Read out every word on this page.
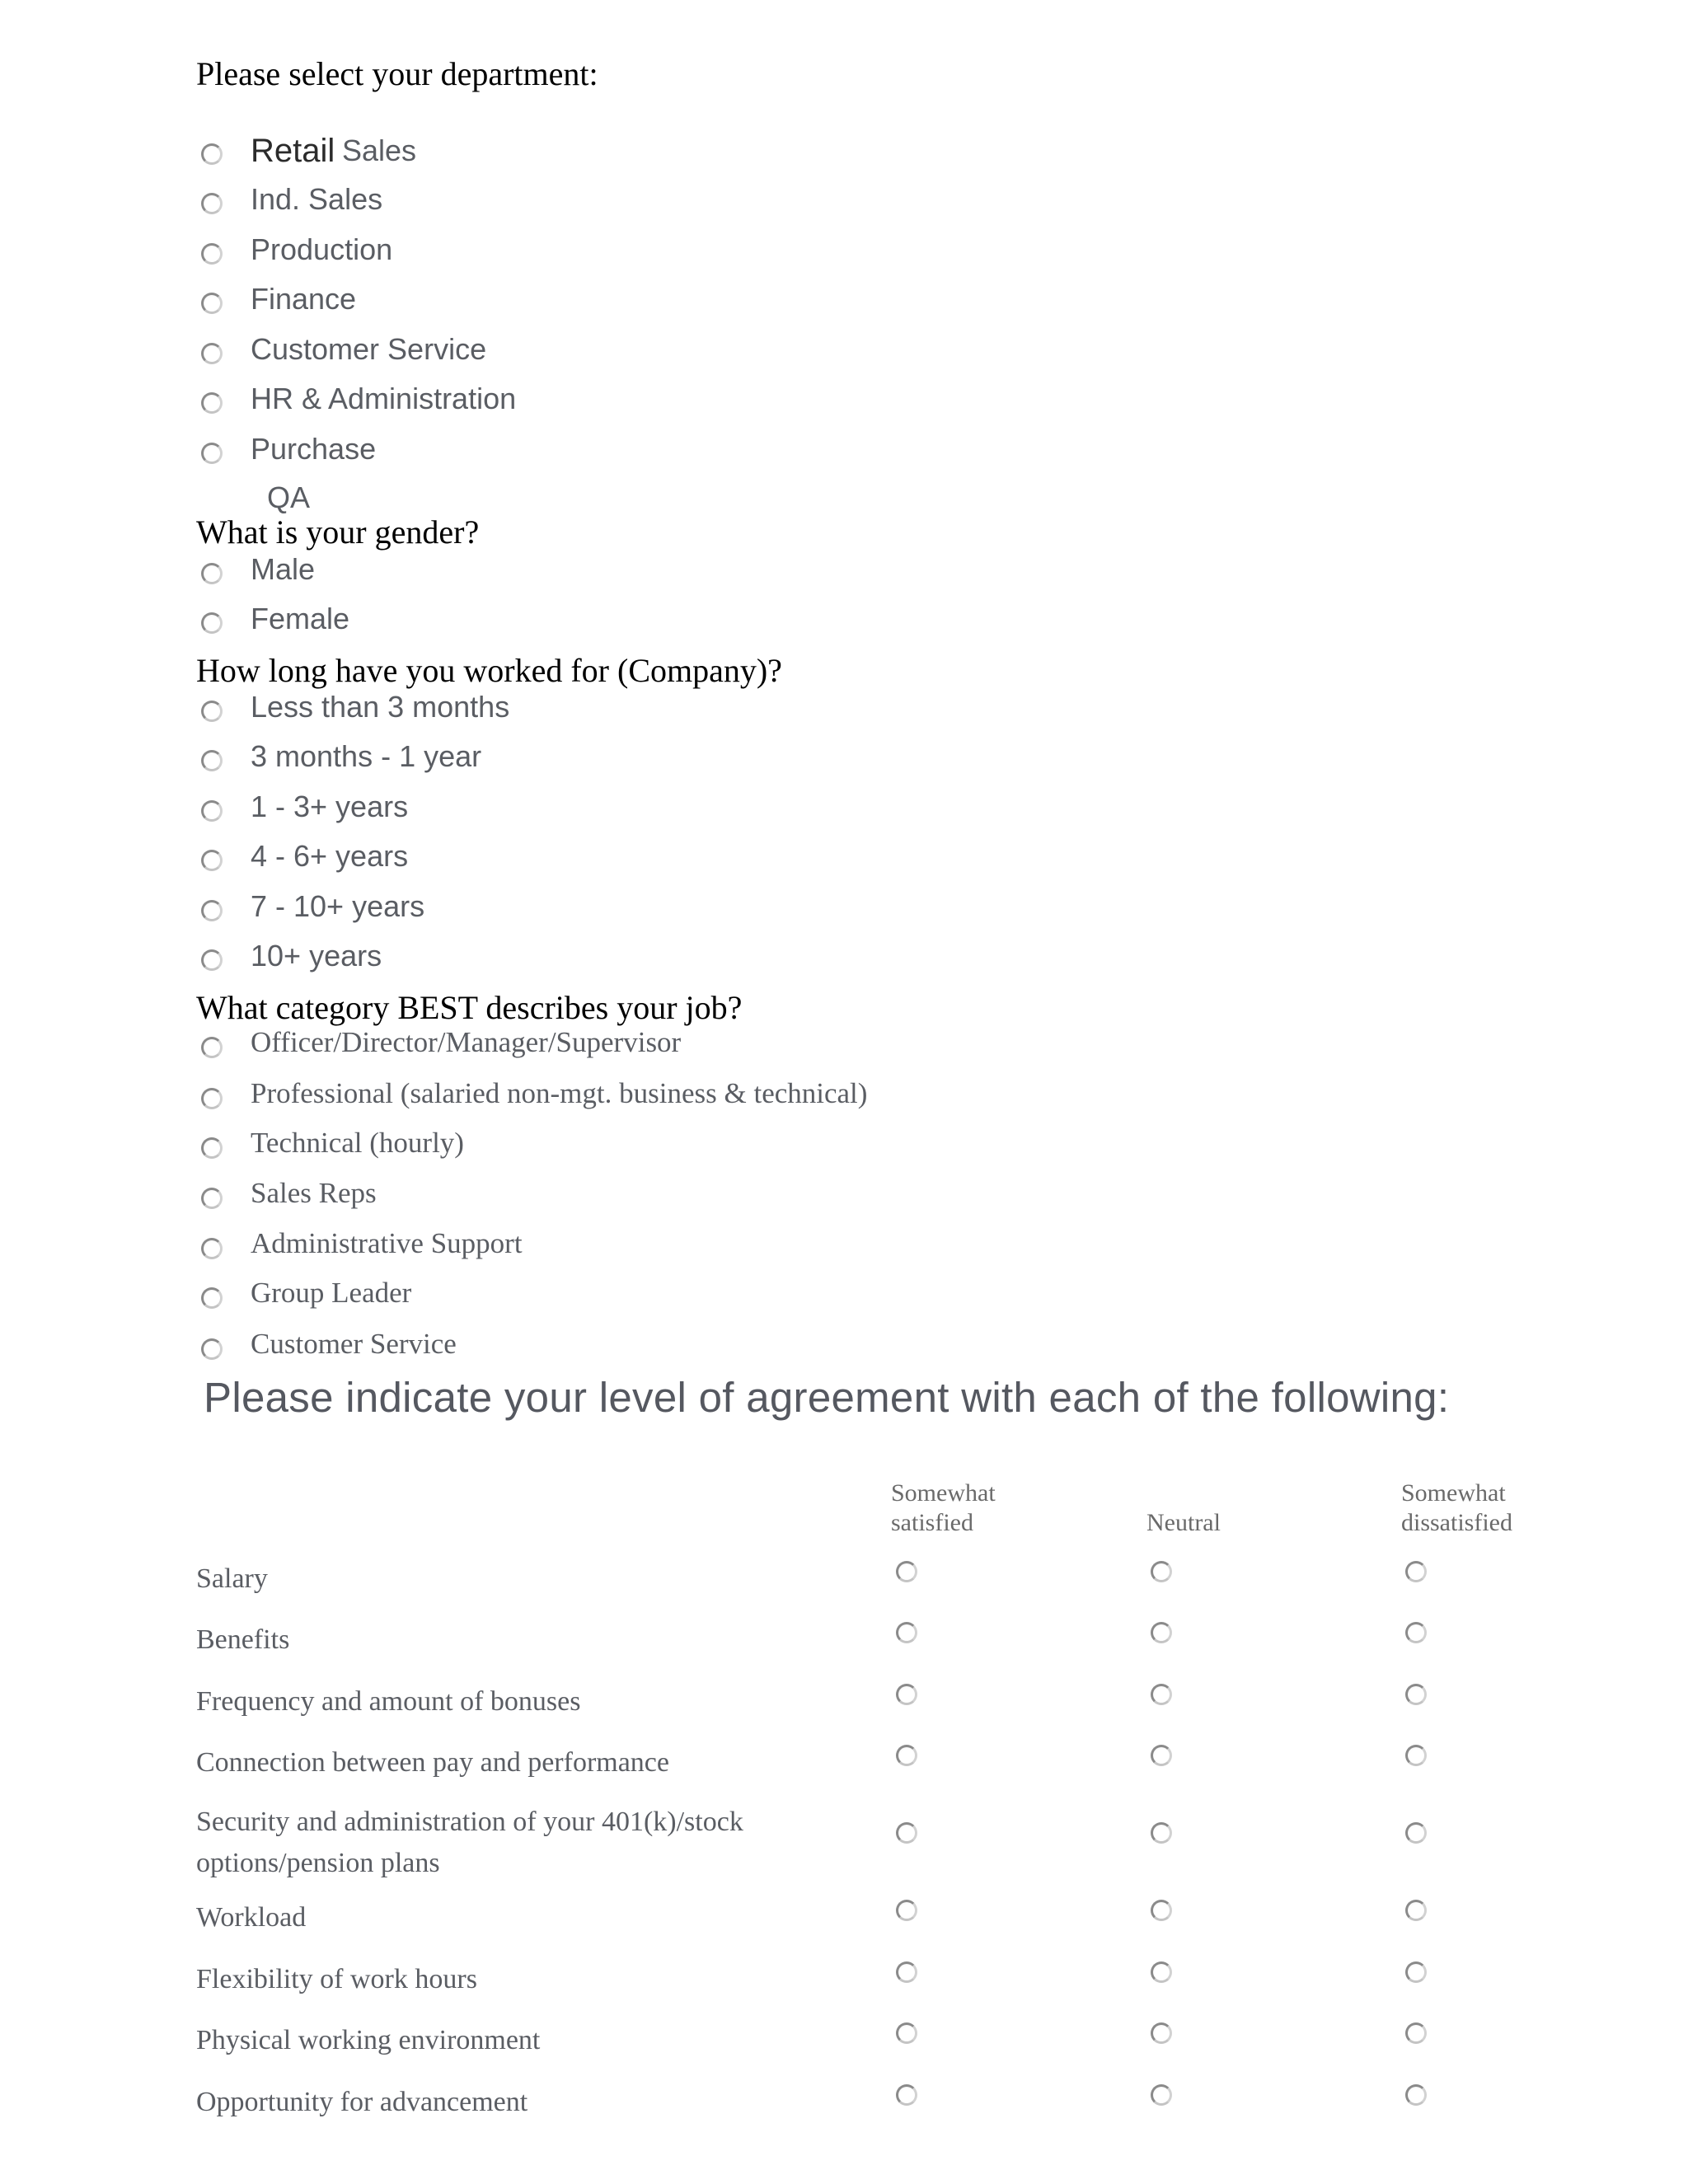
Please select your department:
Retail Sales
Ind. Sales
Production
Finance
Customer Service
HR & Administration
Purchase
QA
What is your gender?
Male
Female
How long have you worked for (Company)?
Less than 3 months
3 months - 1 year
1 - 3+ years
4 - 6+ years
7 - 10+ years
10+ years
What category BEST describes your job?
Officer/Director/Manager/Supervisor
Professional (salaried non-mgt. business & technical)
Technical (hourly)
Sales Reps
Administrative Support
Group Leader
Customer Service
Please indicate your level of agreement with each of the following:
Somewhat
satisfied	Neutral
Somewhat
dissatisfied
Salary
Benefits
Frequency and amount of bonuses
Connection between pay and performance
Security and administration of your 401(k)/stock options/pension plans
Workload
Flexibility of work hours
Physical working environment
Opportunity for advancement
